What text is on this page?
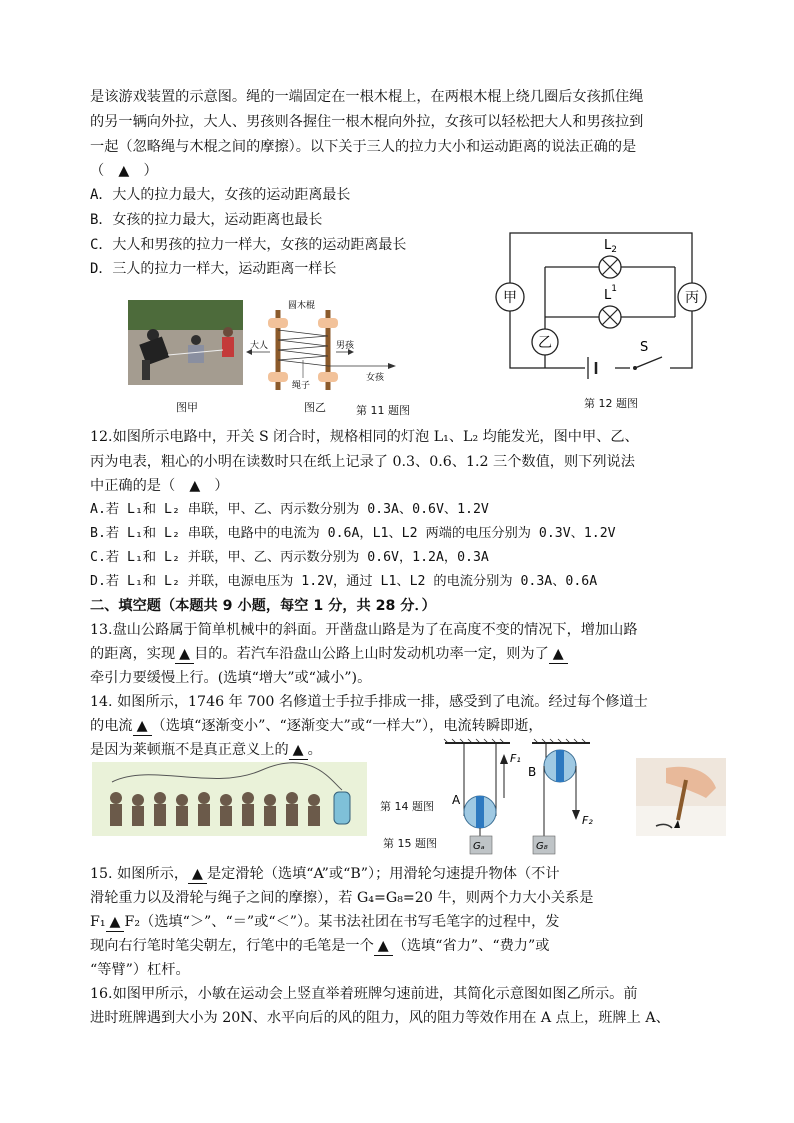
是该游戏装置的示意图。绳的一端固定在一根木棍上，在两根木棍上绕几圈后女孩抓住绳
的另一辆向外拉，大人、男孩则各握住一根木棍向外拉，女孩可以轻松把大人和男孩拉到
一起（忽略绳与木棍之间的摩擦）。以下关于三人的拉力大小和运动距离的说法正确的是
（　▲　）
A．大人的拉力最大，女孩的运动距离最长
B．女孩的拉力最大，运动距离也最长
C．大人和男孩的拉力一样大，女孩的运动距离最长
D．三人的拉力一样大，运动距离一样长
圆木棍
大人	男孩
绳子
女孩
图甲	图乙	第 11 题图
$L_2$
$L^1$
甲
乙
丙
S
第 12 题图
12.如图所示电路中，开关 S 闭合时，规格相同的灯泡 L₁、L₂ 均能发光，图中甲、乙、
丙为电表，粗心的小明在读数时只在纸上记录了 0.3、0.6、1.2 三个数值，则下列说法
中正确的是（　▲　）
A.若 L₁和 L₂ 串联，甲、乙、丙示数分别为 0.3A、0.6V、1.2V
B.若 L₁和 L₂ 串联，电路中的电流为 0.6A，L1、L2 两端的电压分别为 0.3V、1.2V
C.若 L₁和 L₂ 并联，甲、乙、丙示数分别为 0.6V，1.2A，0.3A
D.若 L₁和 L₂ 并联，电源电压为 1.2V，通过 L1、L2 的电流分别为 0.3A、0.6A
二、填空题（本题共 9 小题，每空 1 分，共 28 分．）
13.盘山公路属于简单机械中的斜面。开凿盘山路是为了在高度不变的情况下，增加山路
的距离，实现 ▲ 目的。若汽车沿盘山公路上山时发动机功率一定，则为了 ▲
牵引力要缓慢上行。(选填“增大”或“减小”)。
14. 如图所示，1746 年 700 名修道士手拉手排成一排，感受到了电流。经过每个修道士
的电流 ▲ （选填“逐渐变小”、“逐渐变大”或“一样大”），电流转瞬即逝，
是因为莱顿瓶不是真正意义上的 ▲ 。
第 14 题图
第 15 题图
A
B
F₁
F₂
Gₐ	G₈
15. 如图所示， ▲ 是定滑轮（选填“A”或“B”）；用滑轮匀速提升物体（不计
滑轮重力以及滑轮与绳子之间的摩擦），若 G₄=G₈=20 牛，则两个力大小关系是
F₁ ▲ F₂（选填“＞”、“＝”或“＜”）。某书法社团在书写毛笔字的过程中，发
现向右行笔时笔尖朝左，行笔中的毛笔是一个 ▲ （选填“省力”、“费力”或
“等臂”）杠杆。
16.如图甲所示，小敏在运动会上竖直举着班牌匀速前进，其简化示意图如图乙所示。前
进时班牌遇到大小为 20N、水平向后的风的阻力，风的阻力等效作用在 A 点上，班牌上 A、
